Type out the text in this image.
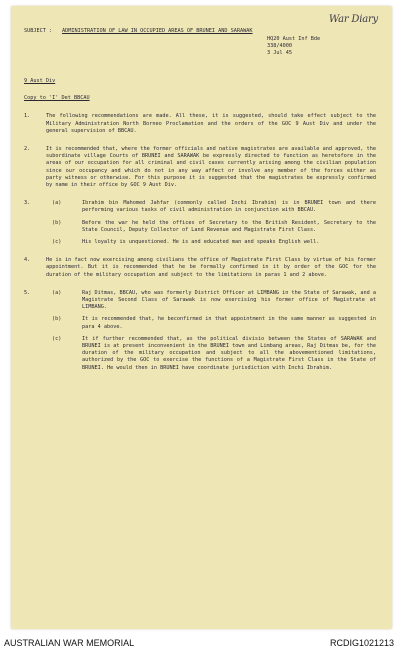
War Diary
HQ20 Aust Inf Bde
338/4000
3 Jul 45
SUBJECT :	ADMINISTRATION OF LAW IN OCCUPIED AREAS OF BRUNEI AND SARAWAK
9 Aust Div
Copy to 'I' Det BBCAU
1.	The following recommendations are made. All these, it is suggested, should take effect subject to the Military Administration North Borneo Proclamation and the orders of the GOC 9 Aust Div and under the general supervision of BBCAU.
2.	It is recommended that, where the former officials and native magistrates are available and approved, the subordinate village Courts of BRUNEI and SARAWAK be expressly directed to function as heretofore in the areas of our occupation for all criminal and civil cases currently arising among the civilian population since our occupancy and which do not in any way affect or involve any member of the forces either as party witness or otherwise. For this purpose it is suggested that the magistrates be expressly confirmed by name in their office by GOC 9 Aust Div.
3.	(a)	Ibrahim bin Mahomed Jahfar (commonly called Inchi Ibrahim) is in BRUNEI town and there performing various tasks of civil administration in conjunction with BBCAU.
(b)	Before the war he held the offices of Secretary to the British Resident, Secretary to the State Council, Deputy Collector of Land Revenue and Magistrate First Class.
(c)	His loyalty is unquestioned. He is and educated man and speaks English well.
4.	He is in fact now exercising among civilians the office of Magistrate First Class by virtue of his former appointment. But it is recommended that he be formally confirmed in it by order of the GOC for the duration of the military occupation and subject to the limitations in paras 1 and 2 above.
5.	(a)	Raj Ditmas, BBCAU, who was formerly District Officer at LIMBANG in the State of Sarawak, and a Magistrate Second Class of Sarawak is now exercising his former office of Magistrate at LIMBANG.
(b)	It is recommended that, he beconfirmed in that appointment in the same manner as suggested in para 4 above.
(c)	It if further recommended that, as the political divisio between the States of SARAWAK and BRUNEI is at present inconvenient in the BRUNEI town and Limbang areas, Raj Ditmas be, for the duration of the military occupation and subject to all the abovementioned limitations, authorized by the GOC to exercise the functions of a Magistrate First Class in the State of BRUNEI. He would then in BRUNEI have coordinate jurisdiction with Inchi Ibrahim.
AUSTRALIAN WAR MEMORIAL	RCDIG1021213
